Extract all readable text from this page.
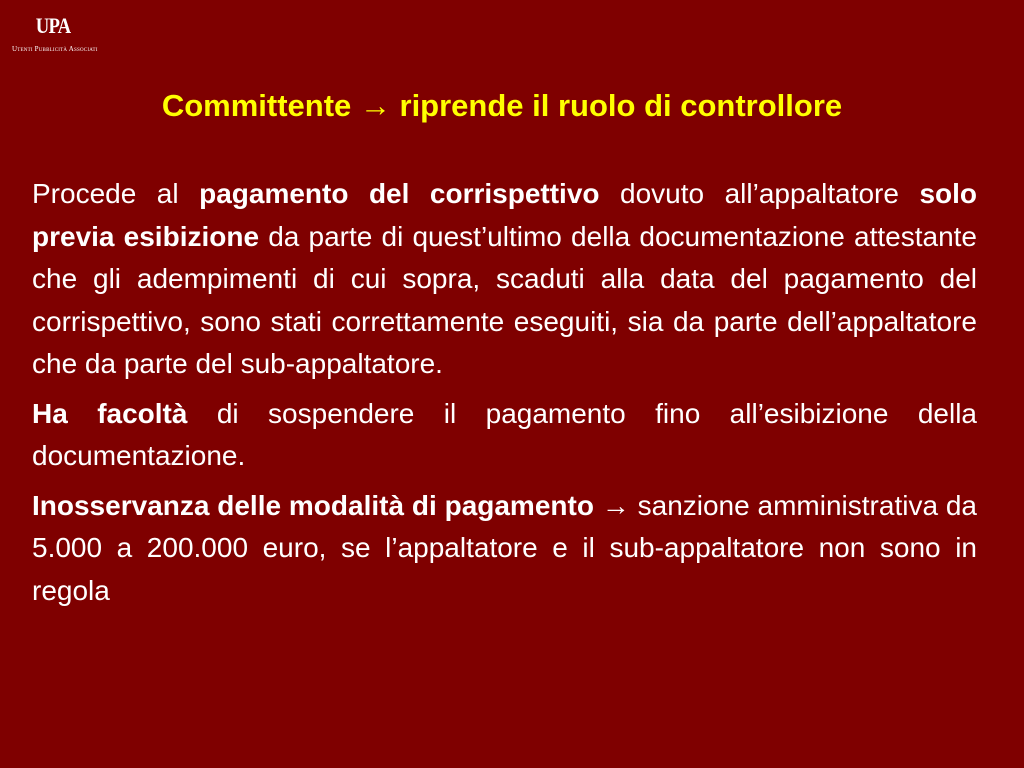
UPA
Utenti Pubblicità Associati
Committente → riprende il ruolo di controllore

Procede al pagamento del corrispettivo dovuto all’appaltatore solo previa esibizione da parte di quest’ultimo della documentazione attestante che gli adempimenti di cui sopra, scaduti alla data del pagamento del corrispettivo, sono stati correttamente eseguiti, sia da parte dell’appaltatore che da parte del sub-appaltatore.

Ha facoltà di sospendere il pagamento fino all’esibizione della documentazione.

Inosservanza delle modalità di pagamento → sanzione amministrativa da 5.000 a 200.000 euro, se l’appaltatore e il sub-appaltatore non sono in regola
